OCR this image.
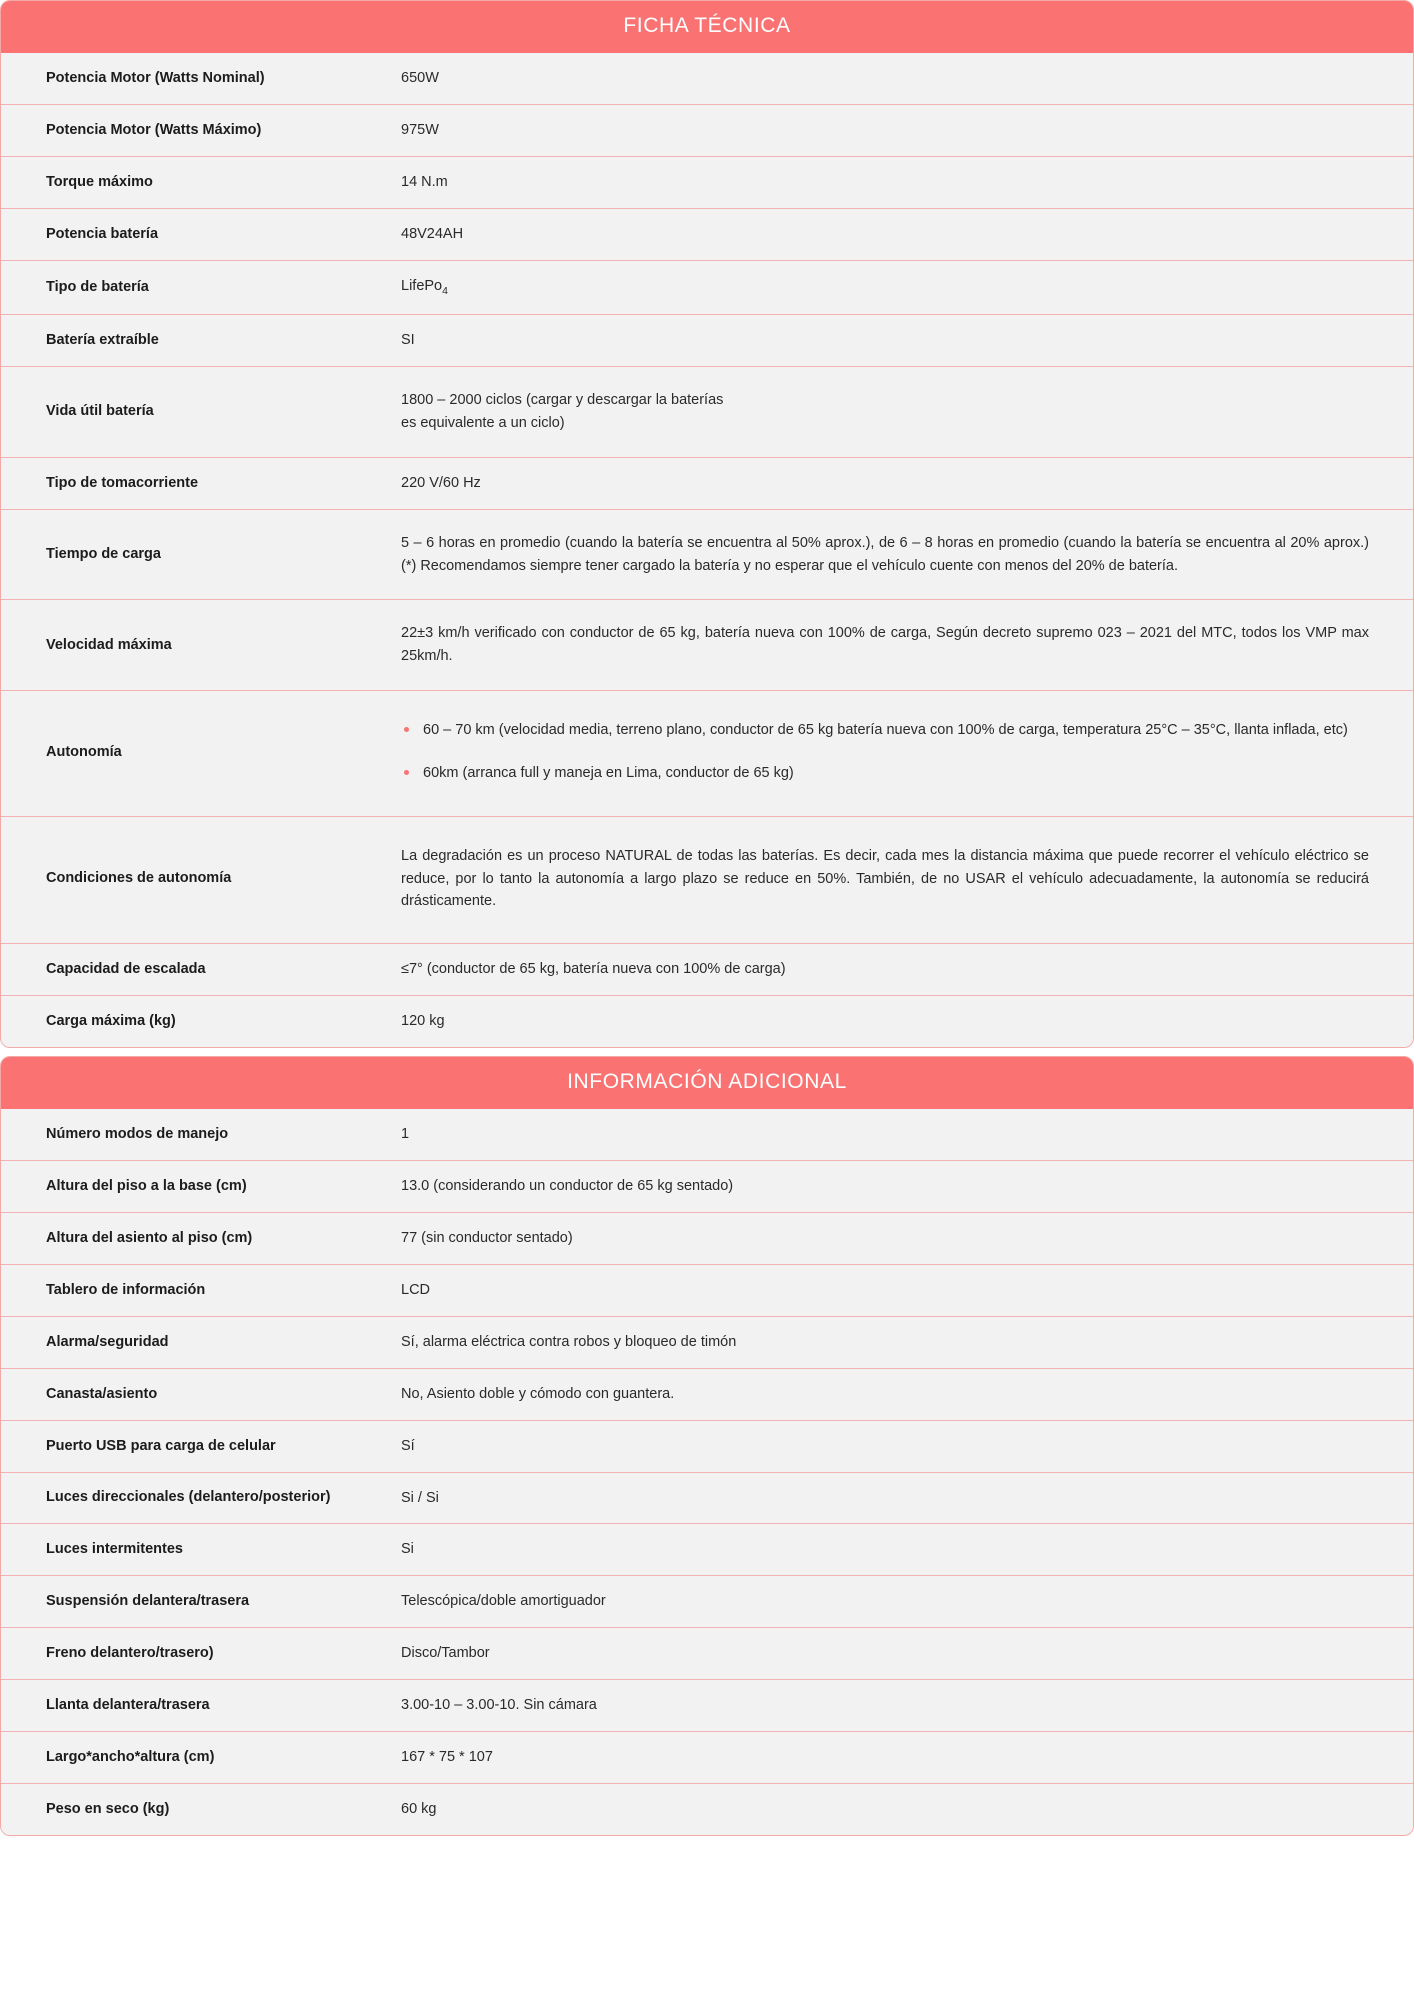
FICHA TÉCNICA
Potencia Motor (Watts Nominal)	650W
Potencia Motor (Watts Máximo)	975W
Torque máximo	14 N.m
Potencia batería	48V24AH
Tipo de batería	LifePo$_4$
Batería extraíble	SI
Vida útil batería	1800 – 2000 ciclos (cargar y descargar la baterías
es equivalente a un ciclo)

Tipo de tomacorriente	220 V/60 Hz
Tiempo de carga	5 – 6 horas en promedio (cuando la batería se encuentra al 50% aprox.), de 6 – 8 horas en promedio (cuando la batería se encuentra al 20% aprox.) (*) Recomendamos siempre tener cargado la batería y no esperar que el vehículo cuente con menos del 20% de batería.
Velocidad máxima	22±3 km/h verificado con conductor de 65 kg, batería nueva con 100% de carga, Según decreto supremo 023 – 2021 del MTC, todos los VMP max 25km/h.
Autonomía	
60 – 70 km (velocidad media, terreno plano, conductor de 65 kg batería nueva con 100% de carga, temperatura 25°C – 35°C, llanta inflada, etc)
60km (arranca full y maneja en Lima, conductor de 65 kg)

Condiciones de autonomía	La degradación es un proceso NATURAL de todas las baterías. Es decir, cada mes la distancia máxima que puede recorrer el vehículo eléctrico se reduce, por lo tanto la autonomía a largo plazo se reduce en 50%. También, de no USAR el vehículo adecuadamente, la autonomía se reducirá drásticamente.
Capacidad de escalada	≤7° (conductor de 65 kg, batería nueva con 100% de carga)
Carga máxima (kg)	120 kg
INFORMACIÓN ADICIONAL
Número modos de manejo	1
Altura del piso a la base (cm)	13.0 (considerando un conductor de 65 kg sentado)
Altura del asiento al piso (cm)	77 (sin conductor sentado)
Tablero de información	LCD
Alarma/seguridad	Sí, alarma eléctrica contra robos y bloqueo de timón
Canasta/asiento	No, Asiento doble y cómodo con guantera.
Puerto USB para carga de celular	Sí
Luces direccionales (delantero/posterior)	Si / Si
Luces intermitentes	Si
Suspensión delantera/trasera	Telescópica/doble amortiguador
Freno delantero/trasero)	Disco/Tambor
Llanta delantera/trasera	3.00-10 – 3.00-10. Sin cámara
Largo*ancho*altura (cm)	167 * 75 * 107
Peso en seco (kg)	60 kg
